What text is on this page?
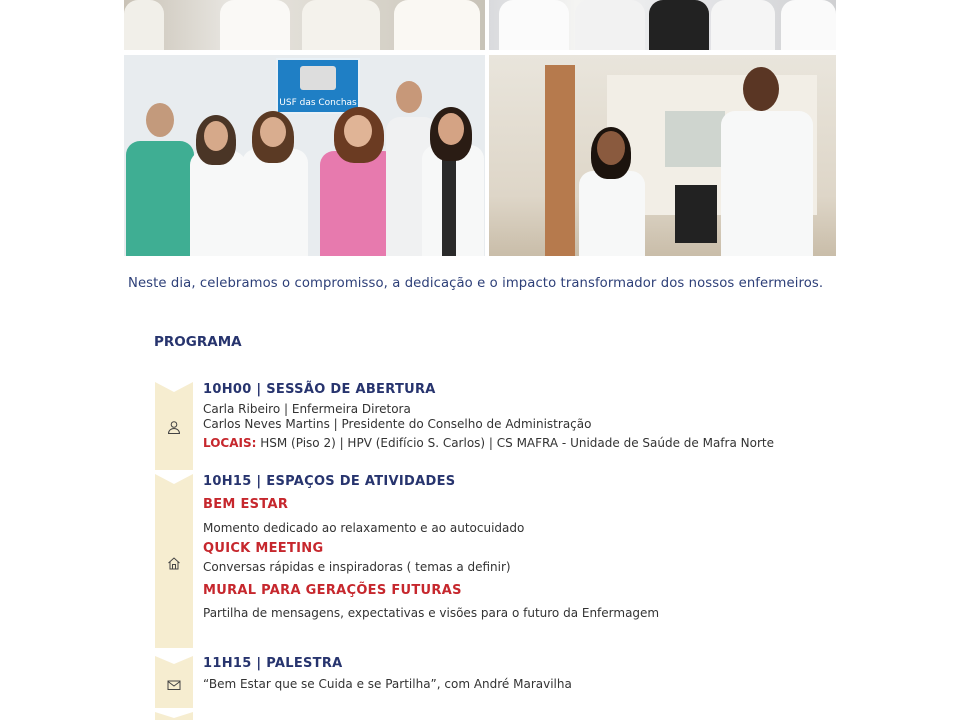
USF das Conchas
Neste dia, celebramos o compromisso, a dedicação e o impacto transformador dos nossos enfermeiros.
PROGRAMA
10H00 | SESSÃO DE ABERTURA
Carla Ribeiro | Enfermeira Diretora
Carlos Neves Martins | Presidente do Conselho de Administração
LOCAIS: HSM (Piso 2) | HPV (Edifício S. Carlos) | CS MAFRA - Unidade de Saúde de Mafra Norte
10H15 | ESPAÇOS DE ATIVIDADES
BEM ESTAR
Momento dedicado ao relaxamento e ao autocuidado
QUICK MEETING
Conversas rápidas e inspiradoras ( temas a definir)
MURAL PARA GERAÇÕES FUTURAS
Partilha de mensagens, expectativas e visões para o futuro da Enfermagem
11H15 | PALESTRA
“Bem Estar que se Cuida e se Partilha”, com André Maravilha
